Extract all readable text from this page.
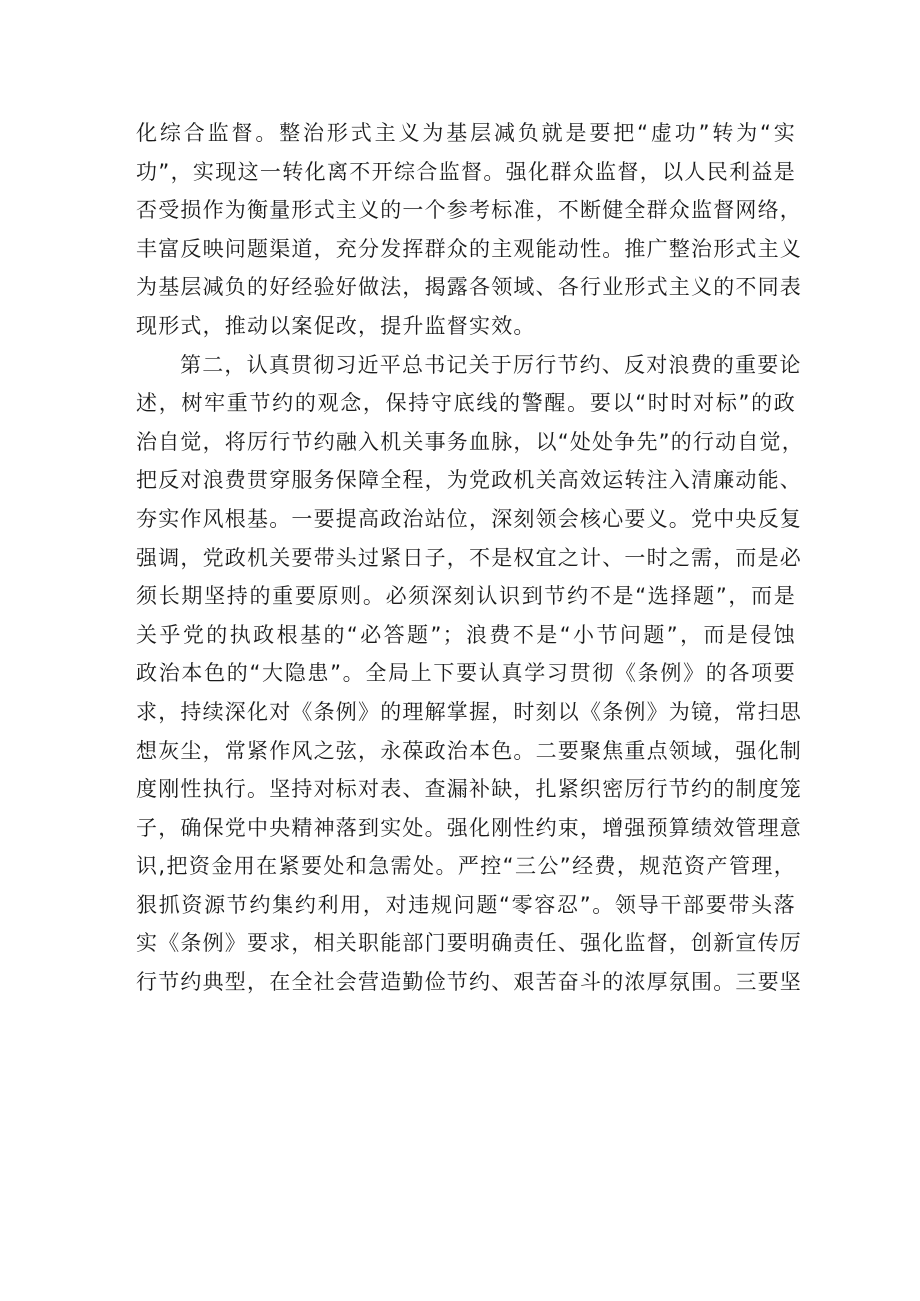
化综合监督。整治形式主义为基层减负就是要把“虚功”转为“实
功”，实现这一转化离不开综合监督。强化群众监督，以人民利益是
否受损作为衡量形式主义的一个参考标准，不断健全群众监督网络，
丰富反映问题渠道，充分发挥群众的主观能动性。推广整治形式主义
为基层减负的好经验好做法，揭露各领域、各行业形式主义的不同表
现形式，推动以案促改，提升监督实效。
第二，认真贯彻习近平总书记关于厉行节约、反对浪费的重要论
述，树牢重节约的观念，保持守底线的警醒。要以“时时对标”的政
治自觉，将厉行节约融入机关事务血脉，以“处处争先”的行动自觉，
把反对浪费贯穿服务保障全程，为党政机关高效运转注入清廉动能、
夯实作风根基。一要提高政治站位，深刻领会核心要义。党中央反复
强调，党政机关要带头过紧日子，不是权宜之计、一时之需，而是必
须长期坚持的重要原则。必须深刻认识到节约不是“选择题”，而是
关乎党的执政根基的“必答题”；浪费不是“小节问题”，而是侵蚀
政治本色的“大隐患”。全局上下要认真学习贯彻《条例》的各项要
求，持续深化对《条例》的理解掌握，时刻以《条例》为镜，常扫思
想灰尘，常紧作风之弦，永葆政治本色。二要聚焦重点领域，强化制
度刚性执行。坚持对标对表、查漏补缺，扎紧织密厉行节约的制度笼
子，确保党中央精神落到实处。强化刚性约束，增强预算绩效管理意
识,把资金用在紧要处和急需处。严控“三公”经费，规范资产管理，
狠抓资源节约集约利用，对违规问题“零容忍”。领导干部要带头落
实《条例》要求，相关职能部门要明确责任、强化监督，创新宣传厉
行节约典型，在全社会营造勤俭节约、艰苦奋斗的浓厚氛围。三要坚
